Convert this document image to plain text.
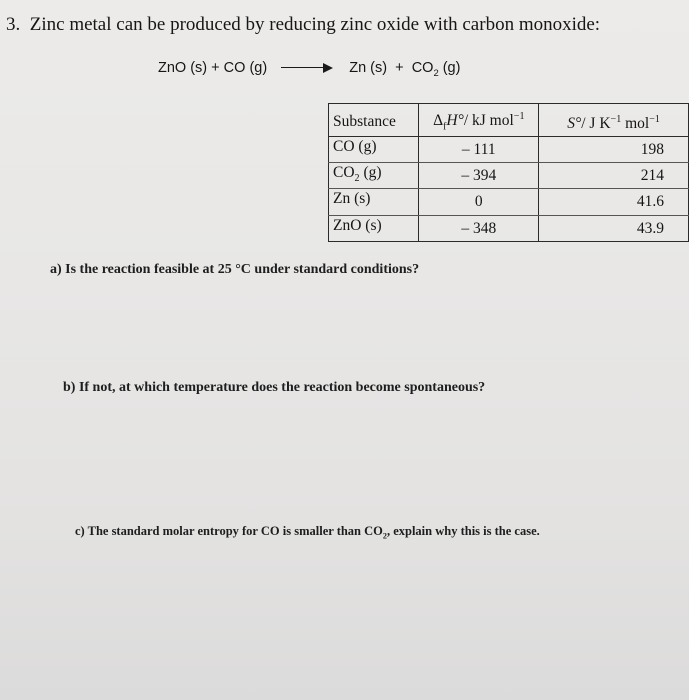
3. Zinc metal can be produced by reducing zinc oxide with carbon monoxide:
ZnO (s) + CO (g)	Zn $(s) + CO_2$ (g)
Substance	$\Delta_fH^\circ/$ kJ mol$^{-1}$	S°/ J $K^{-1}$ mol$^{-1}$
CO (g)	– 111	198
$CO_2$ (g)	– 394	214
Zn (s)	0	41.6
ZnO (s)	– 348	43.9
a) Is the reaction feasible at 25 °C under standard conditions?
b) If not, at which temperature does the reaction become spontaneous?
c) The standard molar entropy for CO is smaller than $CO_2$, explain why this is the case.
